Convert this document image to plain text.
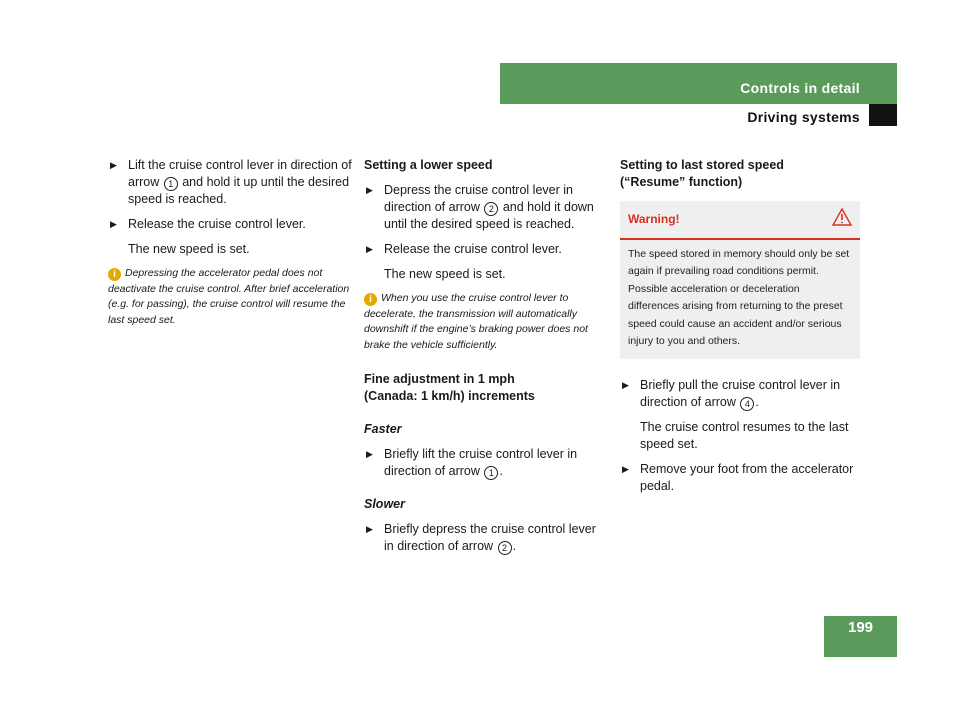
Controls in detail
Driving systems
▶ Lift the cruise control lever in direction of arrow 1 and hold it up until the desired speed is reached.
▶ Release the cruise control lever.
The new speed is set.
i Depressing the accelerator pedal does not deactivate the cruise control. After brief acceleration (e.g. for passing), the cruise control will resume the last speed set.
Setting a lower speed
▶ Depress the cruise control lever in direction of arrow 2 and hold it down until the desired speed is reached.
▶ Release the cruise control lever.
The new speed is set.
i When you use the cruise control lever to decelerate, the transmission will automatically downshift if the engine’s braking power does not brake the vehicle sufficiently.
Fine adjustment in 1 mph
(Canada: 1 km/h) increments
Faster
▶ Briefly lift the cruise control lever in direction of arrow 1 .
Slower
▶ Briefly depress the cruise control lever in direction of arrow 2 .
Setting to last stored speed
(“Resume” function)
Warning!
The speed stored in memory should only be set again if prevailing road conditions permit. Possible acceleration or deceleration differences arising from returning to the preset speed could cause an accident and/or serious injury to you and others.
▶ Briefly pull the cruise control lever in direction of arrow 4 .
The cruise control resumes to the last speed set.
▶ Remove your foot from the accelerator pedal.
199
